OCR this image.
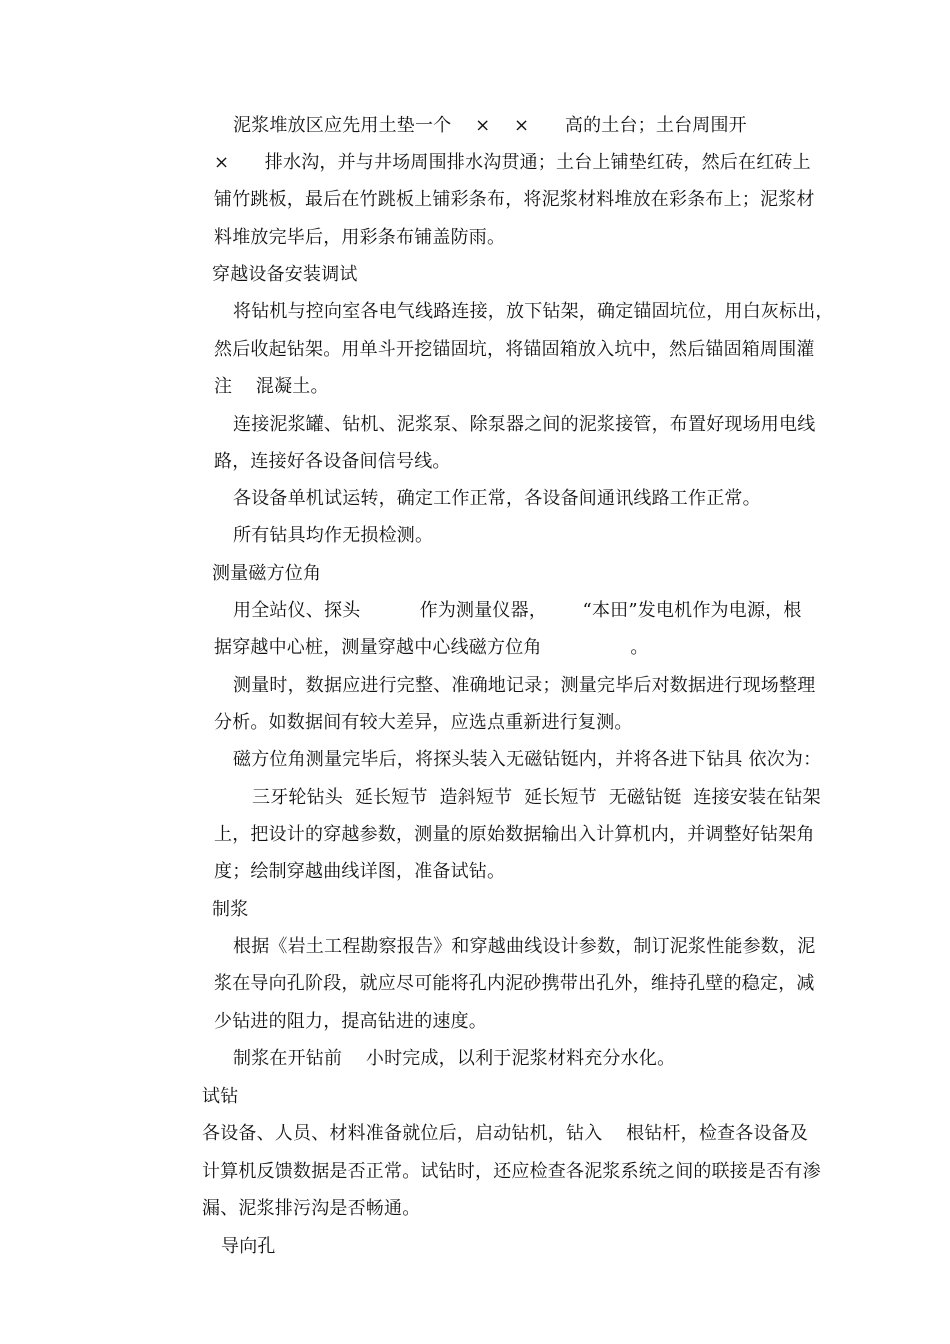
泥浆堆放区应先用土垫一个    ×    ×      高的土台；土台周围开
×      排水沟，并与井场周围排水沟贯通；土台上铺垫红砖，然后在红砖上
铺竹跳板，最后在竹跳板上铺彩条布，将泥浆材料堆放在彩条布上；泥浆材
料堆放完毕后，用彩条布铺盖防雨。
穿越设备安装调试
将钻机与控向室各电气线路连接，放下钻架，确定锚固坑位，用白灰标出，
然后收起钻架。用单斗开挖锚固坑，将锚固箱放入坑中，然后锚固箱周围灌
注    混凝土。
连接泥浆罐、钻机、泥浆泵、除泵器之间的泥浆接管，布置好现场用电线
路，连接好各设备间信号线。
各设备单机试运转，确定工作正常，各设备间通讯线路工作正常。
所有钻具均作无损检测。
测量磁方位角
用全站仪、探头          作为测量仪器，      “本田”发电机作为电源，根
据穿越中心桩，测量穿越中心线磁方位角               。
测量时，数据应进行完整、准确地记录；测量完毕后对数据进行现场整理
分析。如数据间有较大差异，应选点重新进行复测。
磁方位角测量完毕后，将探头装入无磁钻铤内，并将各进下钻具 依次为：
三牙轮钻头  延长短节  造斜短节  延长短节  无磁钻铤  连接安装在钻架
上，把设计的穿越参数，测量的原始数据输出入计算机内，并调整好钻架角
度；绘制穿越曲线详图，准备试钻。
制浆
根据《岩土工程勘察报告》和穿越曲线设计参数，制订泥浆性能参数，泥
浆在导向孔阶段，就应尽可能将孔内泥砂携带出孔外，维持孔壁的稳定，减
少钻进的阻力，提高钻进的速度。
制浆在开钻前    小时完成，以利于泥浆材料充分水化。
试钻
各设备、人员、材料准备就位后，启动钻机，钻入    根钻杆，检查各设备及
计算机反馈数据是否正常。试钻时，还应检查各泥浆系统之间的联接是否有渗
漏、泥浆排污沟是否畅通。
导向孔
